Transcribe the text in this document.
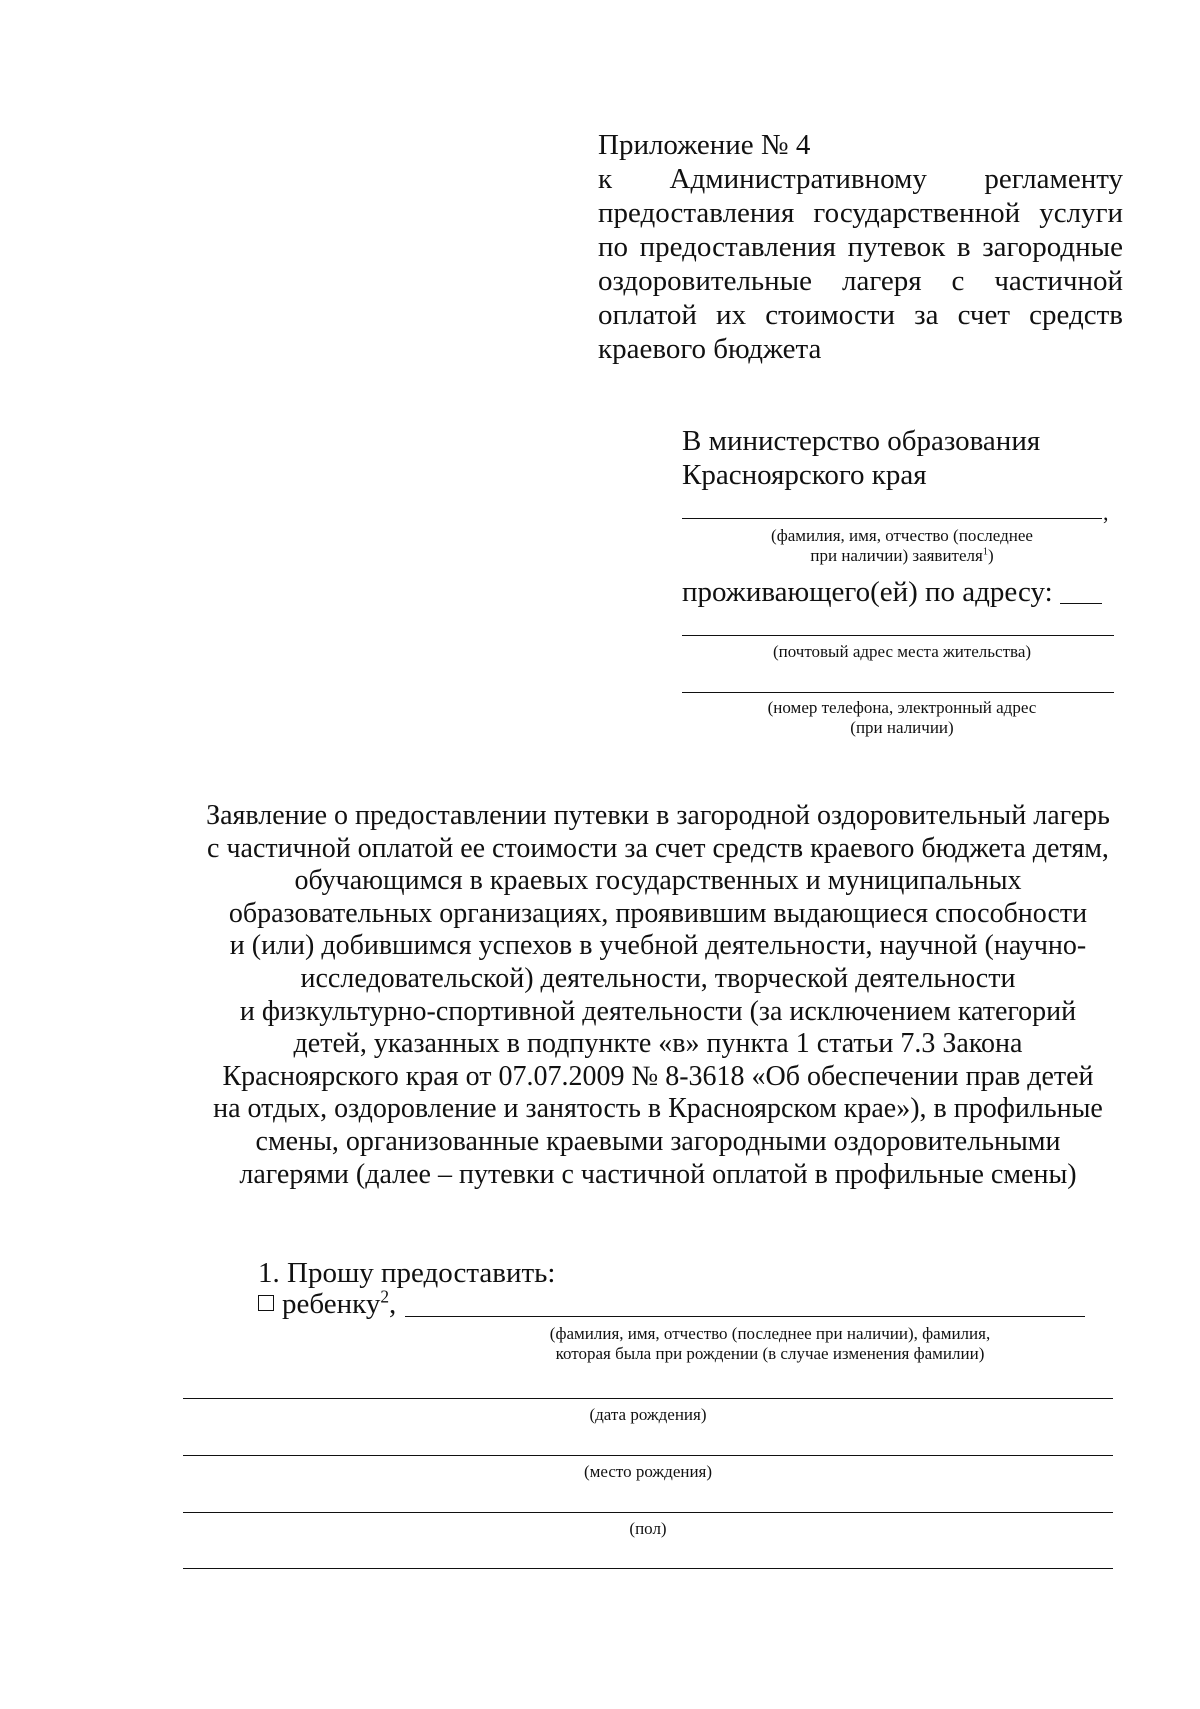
Приложение № 4
к Административному регламенту предоставления государственной услуги по предоставления путевок в загородные оздоровительные лагеря с частичной оплатой их стоимости за счет средств краевого бюджета
В министерство образования
Красноярского края
,
(фамилия, имя, отчество (последнее
при наличии) заявителя$^1$)
проживающего(ей) по адресу:
(почтовый адрес места жительства)
(номер телефона, электронный адрес
(при наличии)
Заявление о предоставлении путевки в загородной оздоровительный лагерь
с частичной оплатой ее стоимости за счет средств краевого бюджета детям,
обучающимся в краевых государственных и муниципальных
образовательных организациях, проявившим выдающиеся способности
и (или) добившимся успехов в учебной деятельности, научной (научно-
исследовательской) деятельности, творческой деятельности
и физкультурно-спортивной деятельности (за исключением категорий
детей, указанных в подпункте «в» пункта 1 статьи 7.3 Закона
Красноярского края от 07.07.2009 № 8-3618 «Об обеспечении прав детей
на отдых, оздоровление и занятость в Красноярском крае»), в профильные
смены, организованные краевыми загородными оздоровительными
лагерями (далее – путевки с частичной оплатой в профильные смены)
1. Прошу предоставить:
ребенку$^2$,
(фамилия, имя, отчество (последнее при наличии), фамилия,
которая была при рождении (в случае изменения фамилии)
(дата рождения)
(место рождения)
(пол)
